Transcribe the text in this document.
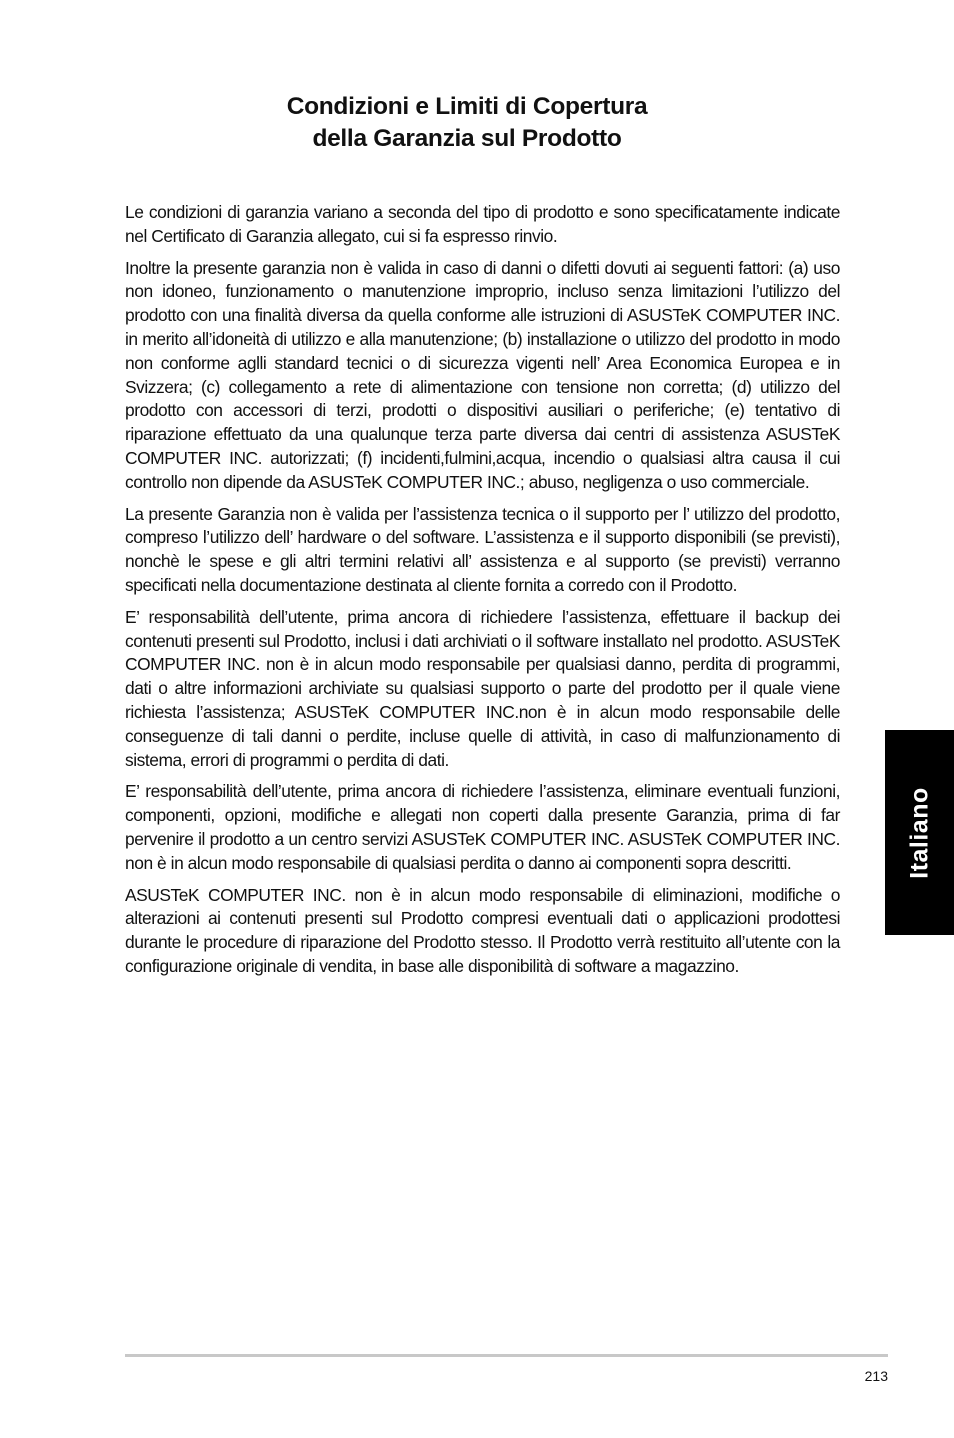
Condizioni e Limiti di Copertura
della Garanzia sul Prodotto

Le condizioni di garanzia variano a seconda del tipo di prodotto e sono specificatamente indicate nel Certificato di Garanzia allegato, cui si fa espresso rinvio.

Inoltre la presente garanzia non è valida in caso di danni o difetti dovuti ai seguenti fattori: (a) uso non idoneo, funzionamento o manutenzione improprio, incluso senza limitazioni l’utilizzo del prodotto con una finalità diversa da quella conforme alle istruzioni di ASUSTeK COMPUTER INC. in merito all’idoneità di utilizzo e alla manutenzione; (b) installazione o utilizzo del prodotto in modo non conforme aglli standard tecnici o di sicurezza vigenti nell’ Area Economica Europea e in Svizzera; (c) collegamento a rete di alimentazione con tensione non corretta; (d) utilizzo del prodotto con accessori di terzi, prodotti o dispositivi ausiliari o periferiche; (e) tentativo di riparazione effettuato da una qualunque terza parte diversa dai centri di assistenza ASUSTeK COMPUTER INC. autorizzati; (f) incidenti,fulmini,acqua, incendio o qualsiasi altra causa il cui controllo non dipende da ASUSTeK COMPUTER INC.; abuso, negligenza o uso commerciale.

La presente Garanzia non è valida per l’assistenza tecnica o il supporto per l’ utilizzo del prodotto, compreso l’utilizzo dell’ hardware o del software. L’assistenza e il supporto disponibili (se previsti), nonchè le spese e gli altri termini relativi all’ assistenza e al supporto (se previsti) verranno specificati nella documentazione destinata al cliente fornita a corredo con il Prodotto.

E’ responsabilità dell’utente, prima ancora di richiedere l’assistenza, effettuare il backup dei contenuti presenti sul Prodotto, inclusi i dati archiviati o il software installato nel prodotto. ASUSTeK COMPUTER INC. non è in alcun modo responsabile per qualsiasi danno, perdita di programmi, dati o altre informazioni archiviate su qualsiasi supporto o parte del prodotto per il quale viene richiesta l’assistenza; ASUSTeK COMPUTER INC.non è in alcun modo responsabile delle conseguenze di tali danni o perdite, incluse quelle di attività, in caso di malfunzionamento di sistema, errori di programmi o perdita di dati.

E’ responsabilità dell’utente, prima ancora di richiedere l’assistenza, eliminare eventuali funzioni, componenti, opzioni, modifiche e allegati non coperti dalla presente Garanzia, prima di far pervenire il prodotto a un centro servizi ASUSTeK COMPUTER INC. ASUSTeK COMPUTER INC. non è in alcun modo responsabile di qualsiasi perdita o danno ai componenti sopra descritti.

ASUSTeK COMPUTER INC. non è in alcun modo responsabile di eliminazioni, modifiche o alterazioni ai contenuti presenti sul Prodotto compresi eventuali dati o applicazioni prodottesi durante le procedure di riparazione del Prodotto stesso. Il Prodotto verrà restituito all’utente con la configurazione originale di vendita, in base alle disponibilità di software a magazzino.

Italiano
213
